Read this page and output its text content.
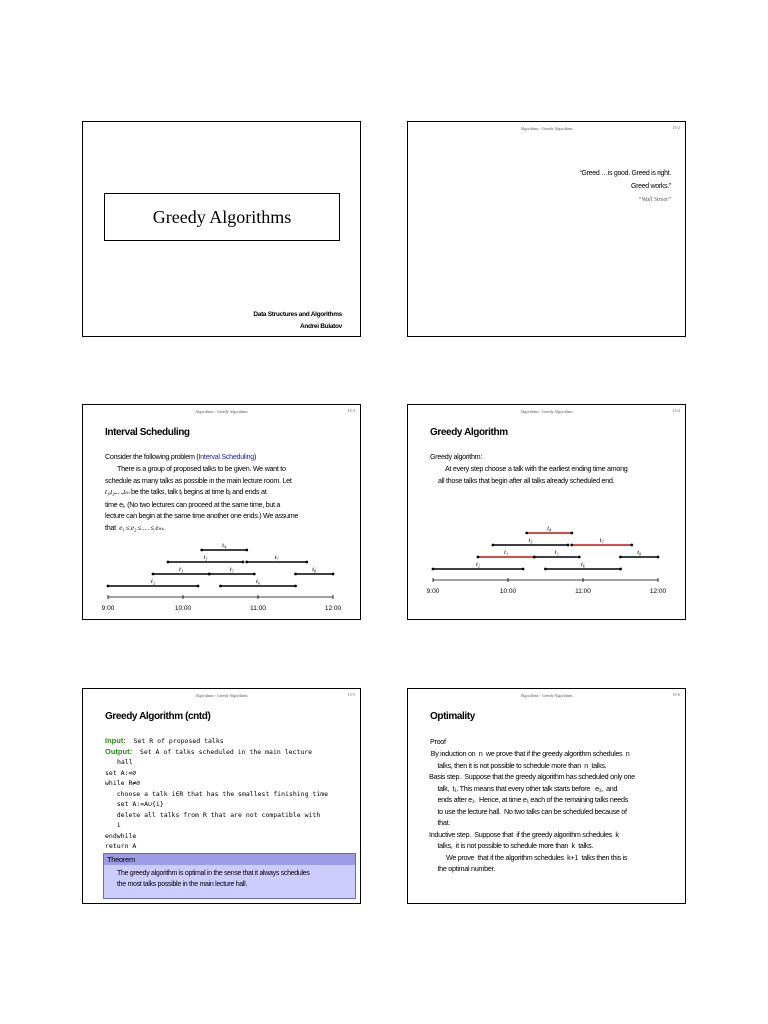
Greedy Algorithms
Data Structures and Algorithms
Andrei Bulatov
Algorithms - Greedy Algorithms	15-2
“Greed …is good. Greed is right.
Greed works.”
“Wall Street”
Algorithms - Greedy Algorithms	15-3
Interval Scheduling
Consider the following problem (Interval Scheduling)
There is a group of proposed talks to be given. We want to
schedule as many talks as possible in the main lecture room. Let
t₁,t₂,…,tₘ be the talks, talk tⱼ begins at time bⱼ and ends at
time eⱼ. (No two lectures can proceed at the same time, but a
lecture can begin at the same time another one ends.) We assume
that e₁ ≤ e₂ ≤ … ≤ eₘ.
9:00	10:00	11:00	12:00
t₁
t₂
t₃
t₄
t₅
t₆
t₇
t₈
Algorithms - Greedy Algorithms	15-4
Greedy Algorithm
Greedy algorithm:
At every step choose a talk with the earliest ending time among
all those talks that begin after all talks already scheduled end.
9:00	10:00	11:00	12:00
t₁
t₂
t₃
t₄
t₅
t₆
t₇
t₈
Algorithms - Greedy Algorithms	15-5
Greedy Algorithm (cntd)
Input: Set R of proposed talks
Output: Set A of talks scheduled in the main lecture
hall
set A:=∅
while R≠∅
choose a talk i∈R that has the smallest finishing time
set A:=A∪{i}
delete all talks from R that are not compatible with
i
endwhile
return A
Theorem
The greedy algorithm is optimal in the sense that it always schedules
the most talks possible in the main lecture hall.
Algorithms - Greedy Algorithms	15-6
Optimality
Proof
By induction on  n  we prove that if the greedy algorithm schedules  n
talks, then it is not possible to schedule more than  n  talks.
Basis step.  Suppose that the greedy algorithm has scheduled only one
talk,  t₁. This means that every other talk starts before   e₁,  and
ends after e₁.  Hence, at time e₁ each of the remaining talks needs
to use the lecture hall.  No two talks can be scheduled because of
that.
Inductive step.  Suppose that  if the greedy algorithm schedules  k
talks,  it is not possible to schedule more than  k  talks.
We prove  that if the algorithm schedules  k+1  talks then this is
the optimal number.
